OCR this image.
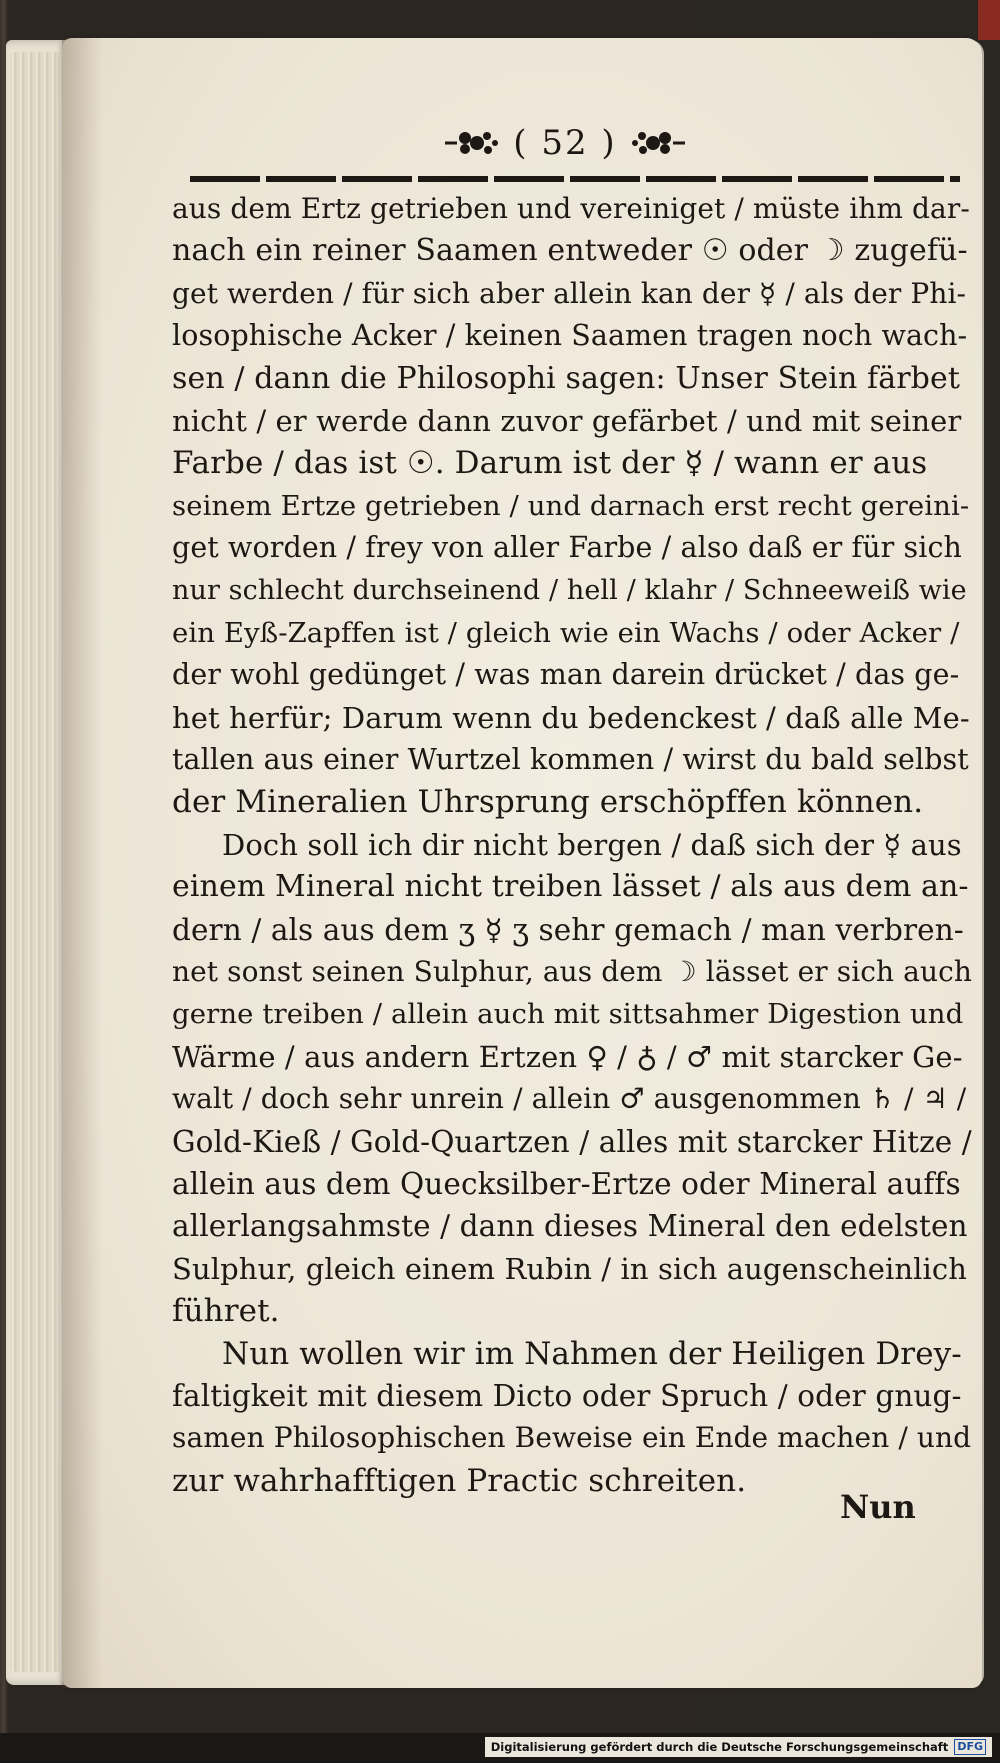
( 52 )
aus dem Ertz getrieben und vereiniget / müste ihm dar-
nach ein reiner Saamen entweder ☉ oder ☽ zugefü-
get werden / für sich aber allein kan der ☿ / als der Phi-
losophische Acker / keinen Saamen tragen noch wach-
sen / dann die Philosophi sagen: Unser Stein färbet
nicht / er werde dann zuvor gefärbet / und mit seiner
Farbe / das ist ☉. Darum ist der ☿ / wann er aus
seinem Ertze getrieben / und darnach erst recht gereini-
get worden / frey von aller Farbe / also daß er für sich
nur schlecht durchseinend / hell / klahr / Schneeweiß wie
ein Eyß-Zapffen ist / gleich wie ein Wachs / oder Acker /
der wohl gedünget / was man darein drücket / das ge-
het herfür; Darum wenn du bedenckest / daß alle Me-
tallen aus einer Wurtzel kommen / wirst du bald selbst
der Mineralien Uhrsprung erschöpffen können.
Doch soll ich dir nicht bergen / daß sich der ☿ aus
einem Mineral nicht treiben lässet / als aus dem an-
dern / als aus dem ʒ ☿ ʒ sehr gemach / man verbren-
net sonst seinen Sulphur, aus dem ☽ lässet er sich auch
gerne treiben / allein auch mit sittsahmer Digestion und
Wärme / aus andern Ertzen ♀ / ♁ / ♂ mit starcker Ge-
walt / doch sehr unrein / allein ♂ ausgenommen ♄ / ♃ /
Gold-Kieß / Gold-Quartzen / alles mit starcker Hitze /
allein aus dem Quecksilber-Ertze oder Mineral auffs
allerlangsahmste / dann dieses Mineral den edelsten
Sulphur, gleich einem Rubin / in sich augenscheinlich
führet.
Nun wollen wir im Nahmen der Heiligen Drey-
faltigkeit mit diesem Dicto oder Spruch / oder gnug-
samen Philosophischen Beweise ein Ende machen / und
zur wahrhafftigen Practic schreiten.
Nun
Digitalisierung gefördert durch die Deutsche Forschungsgemeinschaft DFG
